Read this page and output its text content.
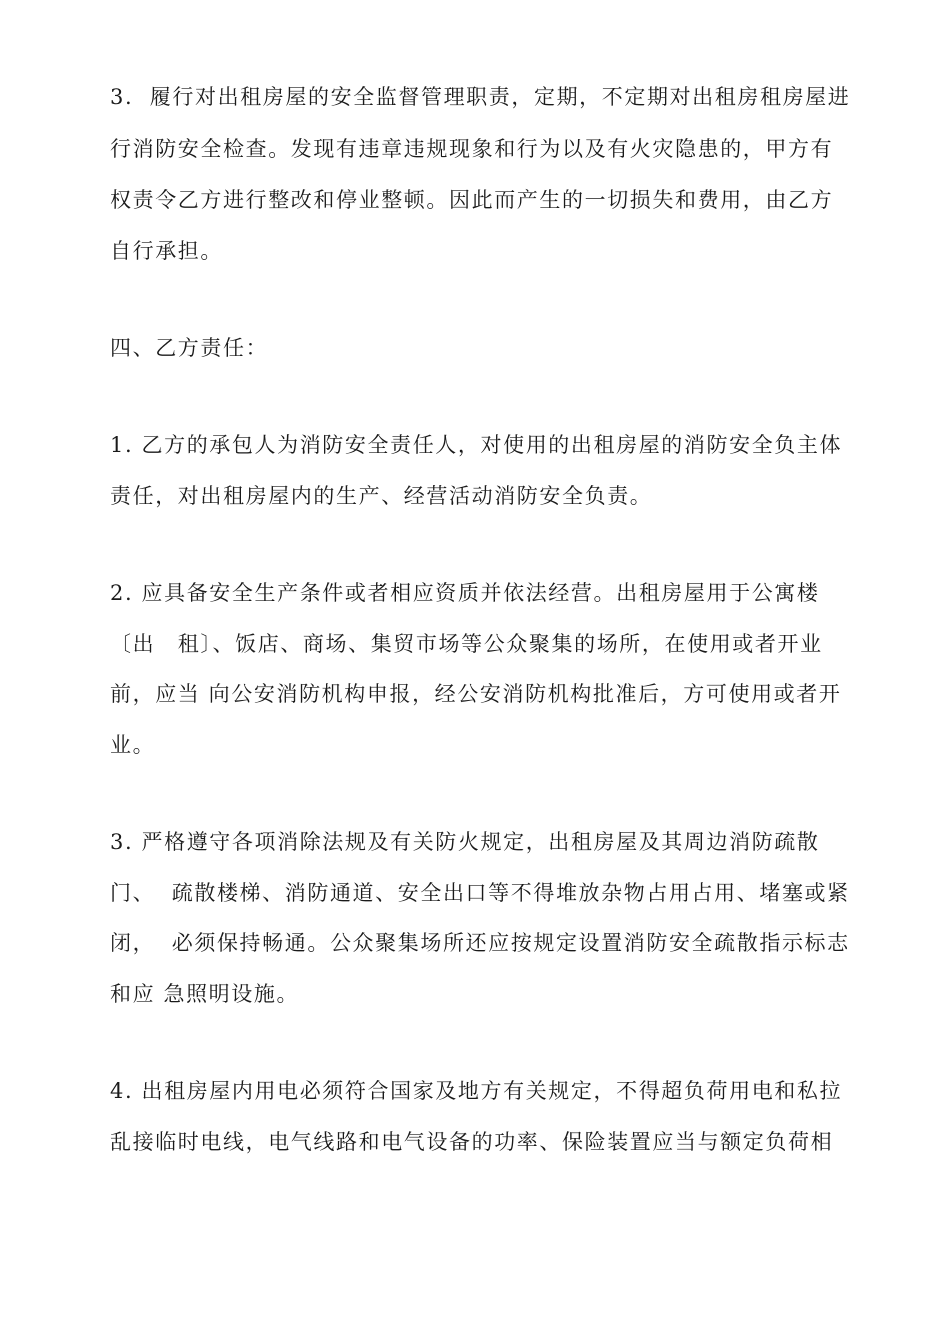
3.  履行对出租房屋的安全监督管理职责，定期，不定期对出租房租房屋进
行消防安全检查。发现有违章违规现象和行为以及有火灾隐患的，甲方有
权责令乙方进行整改和停业整顿。因此而产生的一切损失和费用，由乙方
自行承担。
四、乙方责任：
1. 乙方的承包人为消防安全责任人，对使用的出租房屋的消防安全负主体
责任，对出租房屋内的生产、经营活动消防安全负责。
2. 应具备安全生产条件或者相应资质并依法经营。出租房屋用于公寓楼
〔出　租〕、饭店、商场、集贸市场等公众聚集的场所，在使用或者开业
前，应当 向公安消防机构申报，经公安消防机构批准后，方可使用或者开
业。
3. 严格遵守各项消除法规及有关防火规定，出租房屋及其周边消防疏散
门、  疏散楼梯、消防通道、安全出口等不得堆放杂物占用占用、堵塞或紧
闭，  必须保持畅通。公众聚集场所还应按规定设置消防安全疏散指示标志
和应 急照明设施。
4. 出租房屋内用电必须符合国家及地方有关规定，不得超负荷用电和私拉
乱接临时电线，电气线路和电气设备的功率、保险装置应当与额定负荷相
